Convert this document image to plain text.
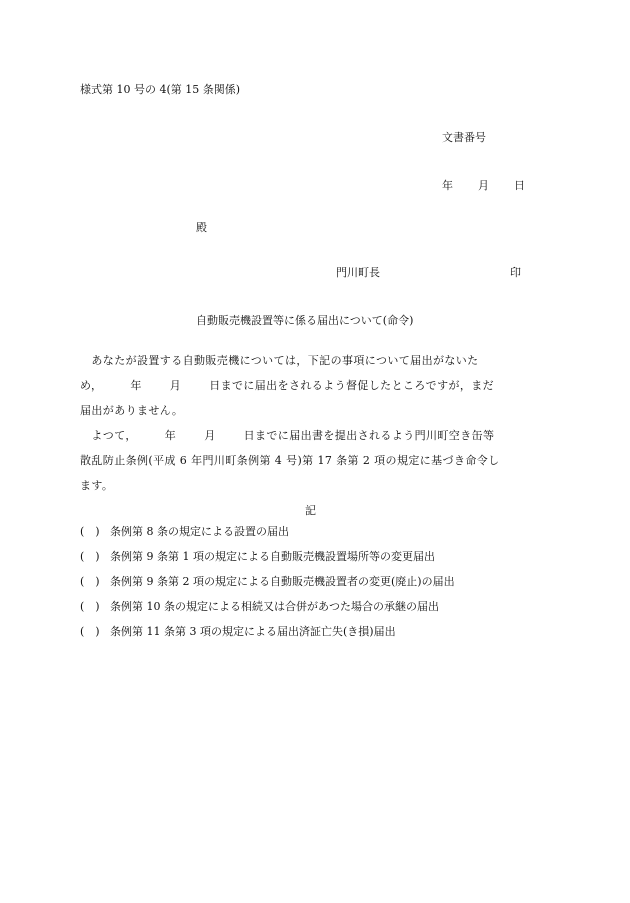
様式第 10 号の 4(第 15 条関係)
文書番号
年 月 日
殿
門川町長	印
自動販売機設置等に係る届出について(命令)
　あなたが設置する自動販売機については，下記の事項について届出がないた
め，	年	月	日までに届出をされるよう督促したところですが，まだ
届出がありません。
　よつて，	年	月	日までに届出書を提出されるよう門川町空き缶等
散乱防止条例(平成 6 年門川町条例第 4 号)第 17 条第 2 項の規定に基づき命令し
ます。
記
(　) 条例第 8 条の規定による設置の届出
(　) 条例第 9 条第 1 項の規定による自動販売機設置場所等の変更届出
(　) 条例第 9 条第 2 項の規定による自動販売機設置者の変更(廃止)の届出
(　) 条例第 10 条の規定による相続又は合併があつた場合の承継の届出
(　) 条例第 11 条第 3 項の規定による届出済証亡失(き損)届出
